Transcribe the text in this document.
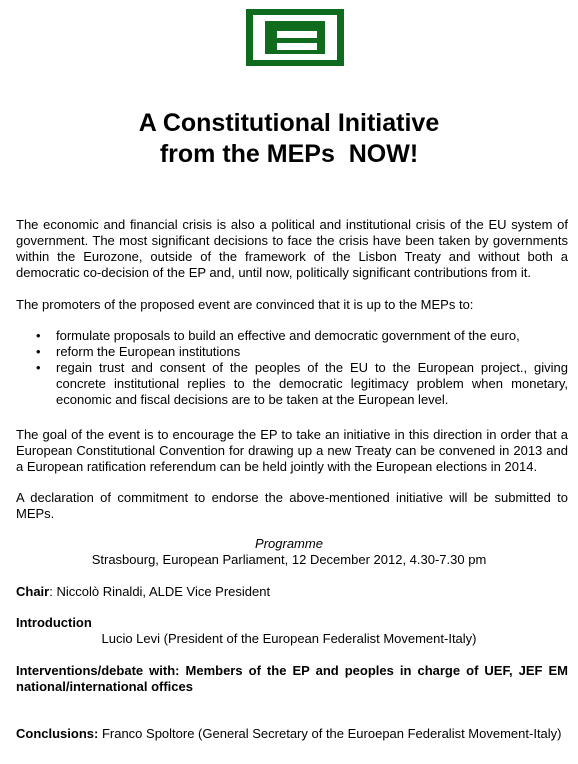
A Constitutional Initiative
from the MEPs  NOW!
The economic and financial crisis is also a political and institutional crisis of the EU system of government. The most significant decisions to face the crisis have been taken by governments within the Eurozone, outside of the framework of the Lisbon Treaty and without both a democratic co-decision of the EP and, until now, politically significant contributions from it.
The promoters of the proposed event are convinced that it is up to the MEPs to:
• formulate proposals to build an effective and democratic government of the euro,
• reform the European institutions
• regain trust and consent of the peoples of the EU to the European project., giving concrete institutional replies to the democratic legitimacy problem when monetary, economic and fiscal decisions are to be taken at the European level.
The goal of the event is to encourage the EP to take an initiative in this direction in order that a European Constitutional Convention for drawing up a new Treaty can be convened in 2013 and a European ratification referendum can be held jointly with the European elections in 2014.
A declaration of commitment to endorse the above-mentioned initiative will be submitted to MEPs.
Programme
Strasbourg, European Parliament, 12 December 2012, 4.30-7.30 pm
Chair: Niccolò Rinaldi, ALDE Vice President
Introduction
Lucio Levi (President of the European Federalist Movement-Italy)
Interventions/debate with: Members of the EP and peoples in charge of UEF, JEF EM national/international offices
Conclusions: Franco Spoltore (General Secretary of the Euroepan Federalist Movement-Italy)
